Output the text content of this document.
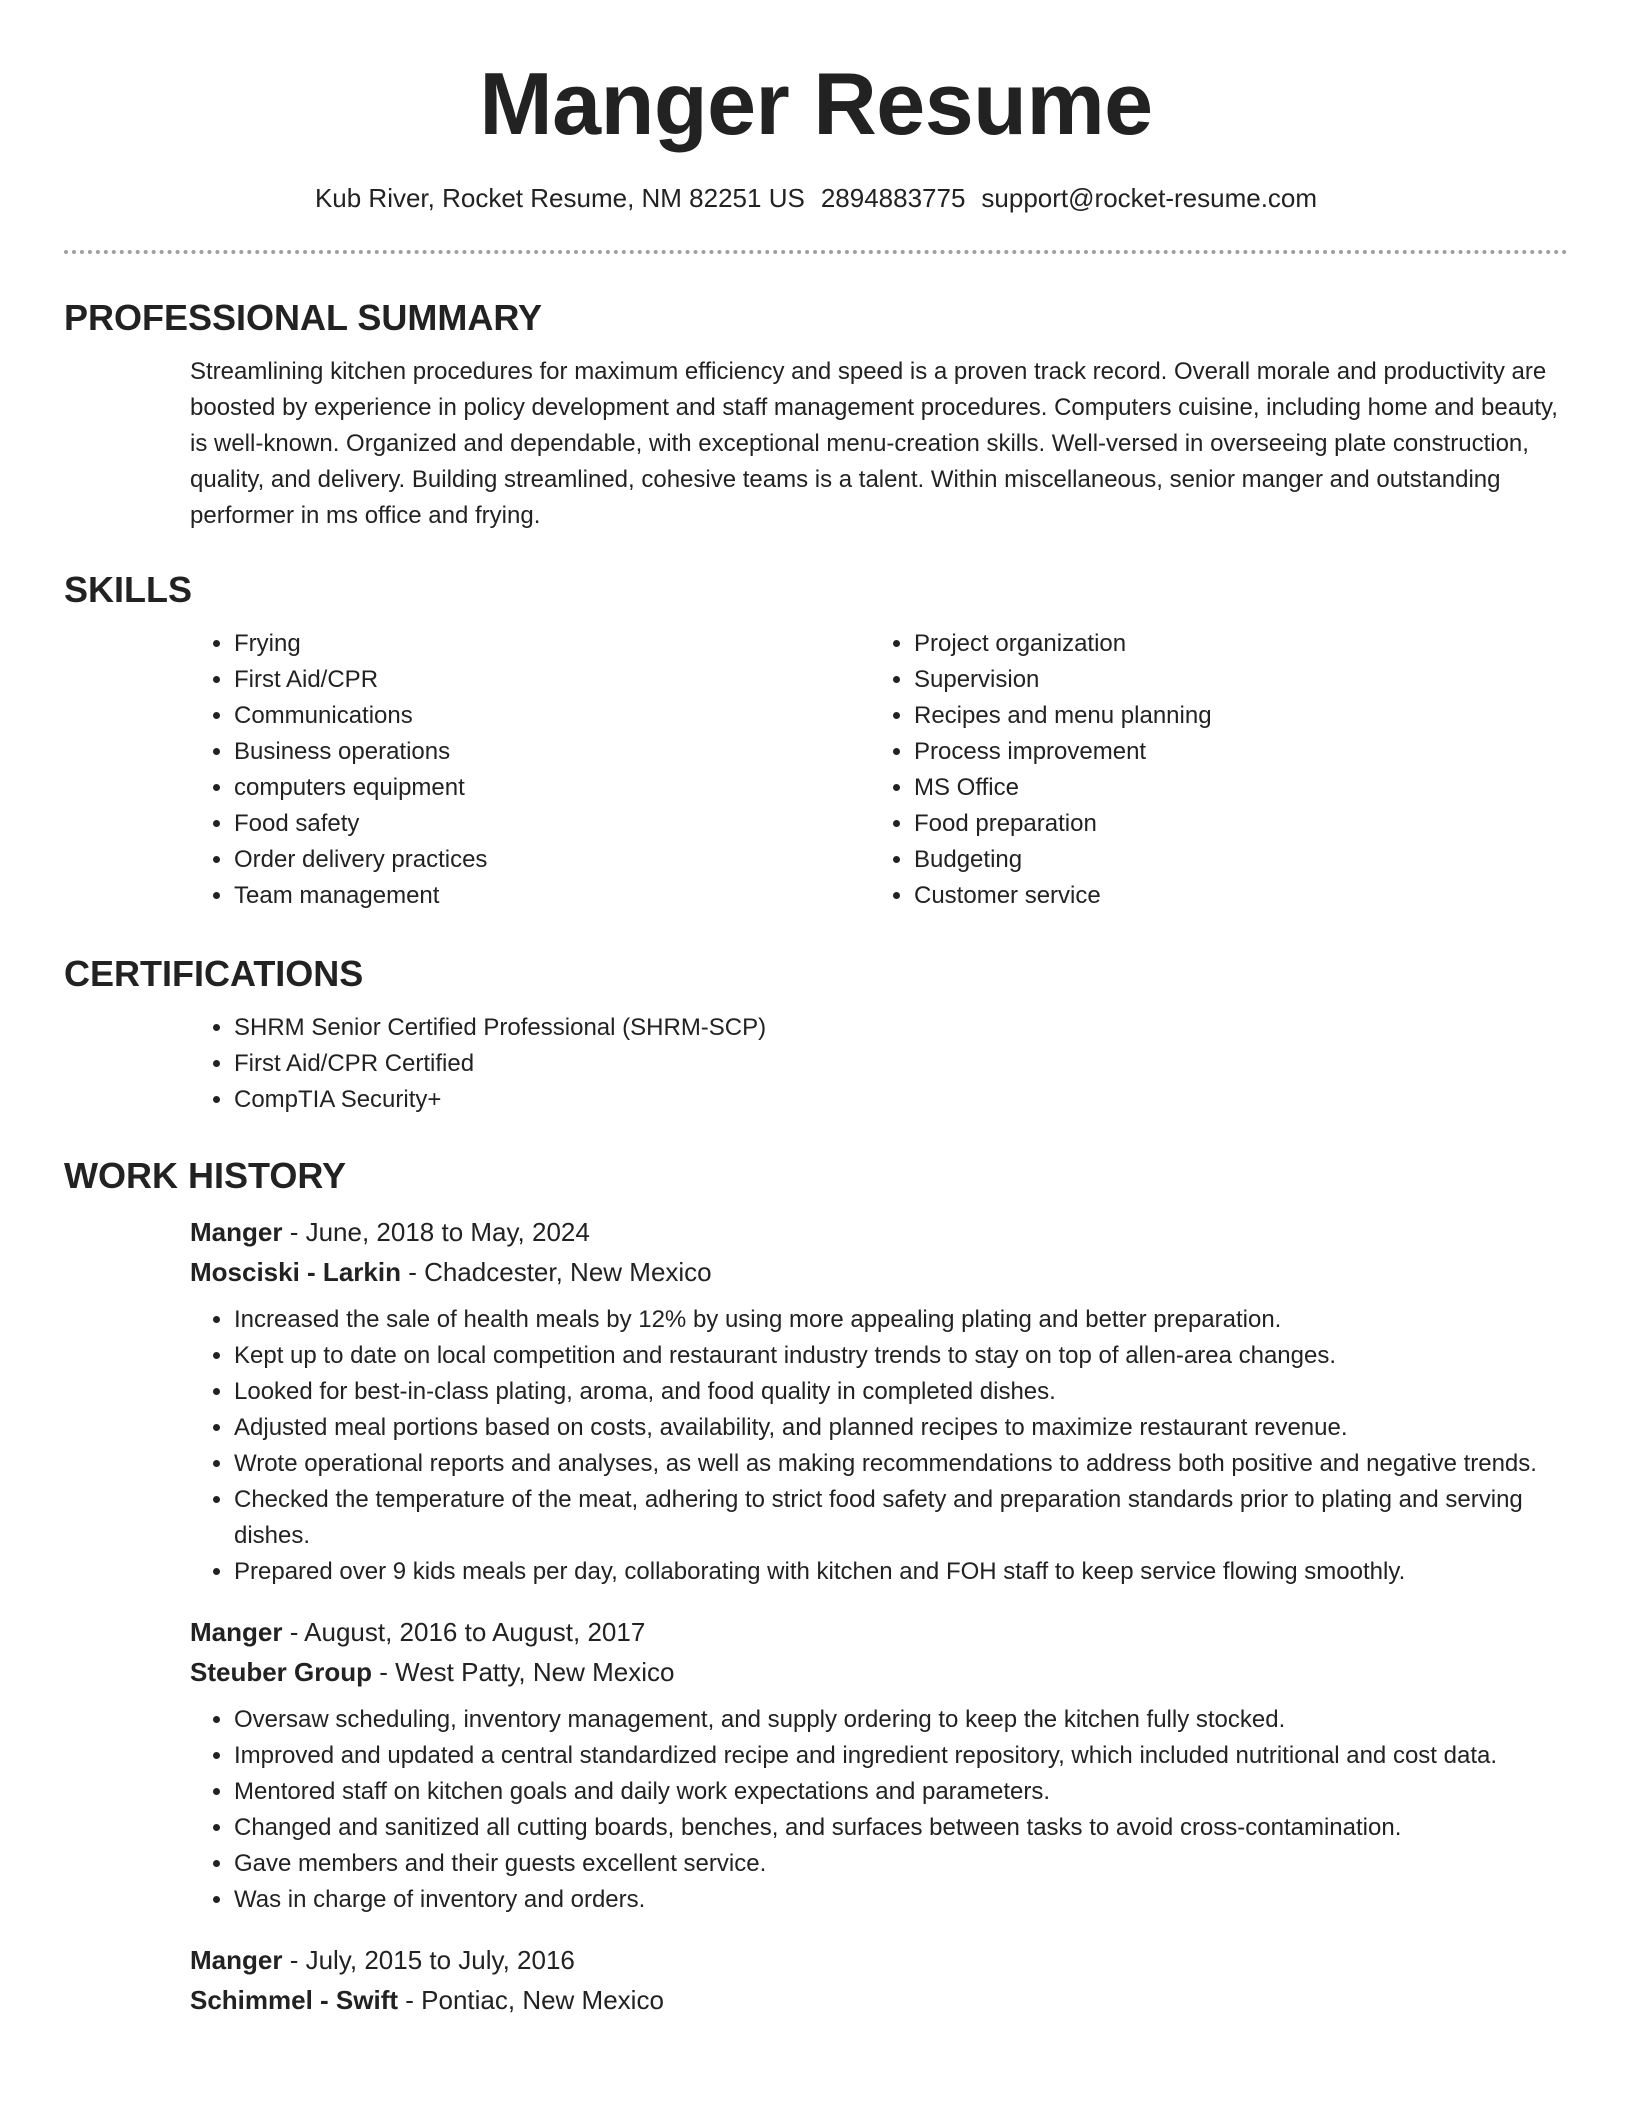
Manger Resume
Kub River, Rocket Resume, NM 82251 US 2894883775 support@rocket-resume.com
PROFESSIONAL SUMMARY

Streamlining kitchen procedures for maximum efficiency and speed is a proven track record. Overall morale and productivity are boosted by experience in policy development and staff management procedures. Computers cuisine, including home and beauty, is well-known. Organized and dependable, with exceptional menu-creation skills. Well-versed in overseeing plate construction, quality, and delivery. Building streamlined, cohesive teams is a talent. Within miscellaneous, senior manger and outstanding performer in ms office and frying.

SKILLS
• Frying
• First Aid/CPR
• Communications
• Business operations
• computers equipment
• Food safety
• Order delivery practices
• Team management
• Project organization
• Supervision
• Recipes and menu planning
• Process improvement
• MS Office
• Food preparation
• Budgeting
• Customer service
CERTIFICATIONS
• SHRM Senior Certified Professional (SHRM-SCP)
• First Aid/CPR Certified
• CompTIA Security+
WORK HISTORY
Manger - June, 2018 to May, 2024
Mosciski - Larkin - Chadcester, New Mexico
• Increased the sale of health meals by 12% by using more appealing plating and better preparation.
• Kept up to date on local competition and restaurant industry trends to stay on top of allen-area changes.
• Looked for best-in-class plating, aroma, and food quality in completed dishes.
• Adjusted meal portions based on costs, availability, and planned recipes to maximize restaurant revenue.
• Wrote operational reports and analyses, as well as making recommendations to address both positive and negative trends.
• Checked the temperature of the meat, adhering to strict food safety and preparation standards prior to plating and serving dishes.
• Prepared over 9 kids meals per day, collaborating with kitchen and FOH staff to keep service flowing smoothly.
Manger - August, 2016 to August, 2017
Steuber Group - West Patty, New Mexico
• Oversaw scheduling, inventory management, and supply ordering to keep the kitchen fully stocked.
• Improved and updated a central standardized recipe and ingredient repository, which included nutritional and cost data.
• Mentored staff on kitchen goals and daily work expectations and parameters.
• Changed and sanitized all cutting boards, benches, and surfaces between tasks to avoid cross-contamination.
• Gave members and their guests excellent service.
• Was in charge of inventory and orders.
Manger - July, 2015 to July, 2016
Schimmel - Swift - Pontiac, New Mexico
